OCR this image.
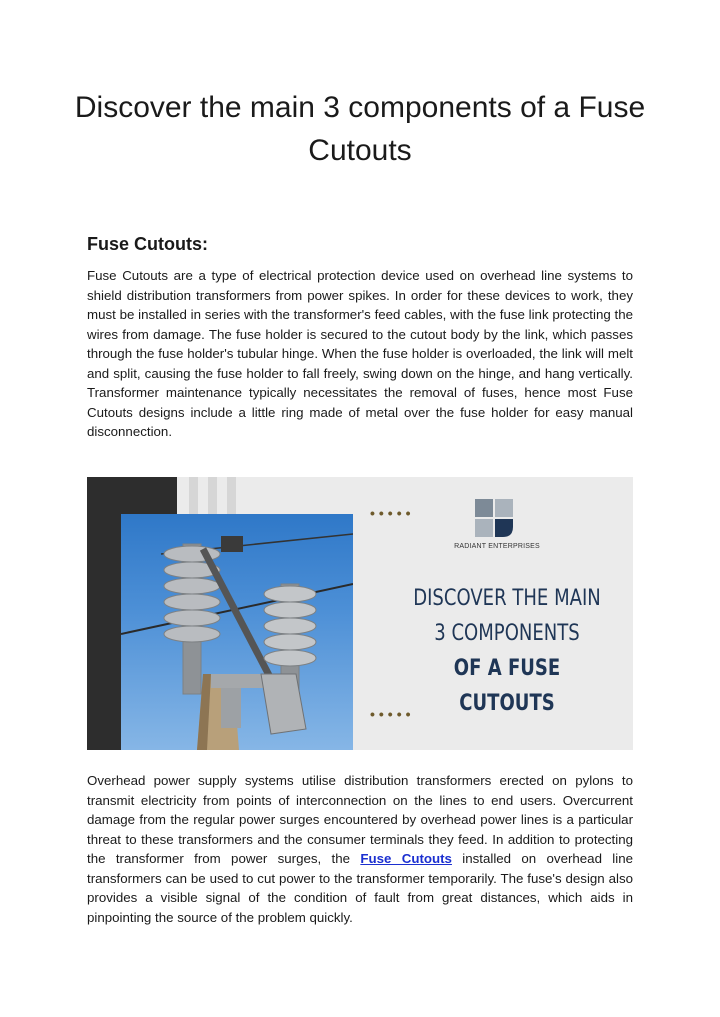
Discover the main 3 components of a Fuse Cutouts
Fuse Cutouts:

Fuse Cutouts are a type of electrical protection device used on overhead line systems to shield distribution transformers from power spikes. In order for these devices to work, they must be installed in series with the transformer's feed cables, with the fuse link protecting the wires from damage. The fuse holder is secured to the cutout body by the link, which passes through the fuse holder's tubular hinge. When the fuse holder is overloaded, the link will melt and split, causing the fuse holder to fall freely, swing down on the hinge, and hang vertically. Transformer maintenance typically necessitates the removal of fuses, hence most Fuse Cutouts designs include a little ring made of metal over the fuse holder for easy manual disconnection.

•••••
RADIANT ENTERPRISES
DISCOVER THE MAIN
3 COMPONENTS
OF A FUSE CUTOUTS
•••••

Overhead power supply systems utilise distribution transformers erected on pylons to transmit electricity from points of interconnection on the lines to end users. Overcurrent damage from the regular power surges encountered by overhead power lines is a particular threat to these transformers and the consumer terminals they feed. In addition to protecting the transformer from power surges, the Fuse Cutouts installed on overhead line transformers can be used to cut power to the transformer temporarily. The fuse's design also provides a visible signal of the condition of fault from great distances, which aids in pinpointing the source of the problem quickly.
